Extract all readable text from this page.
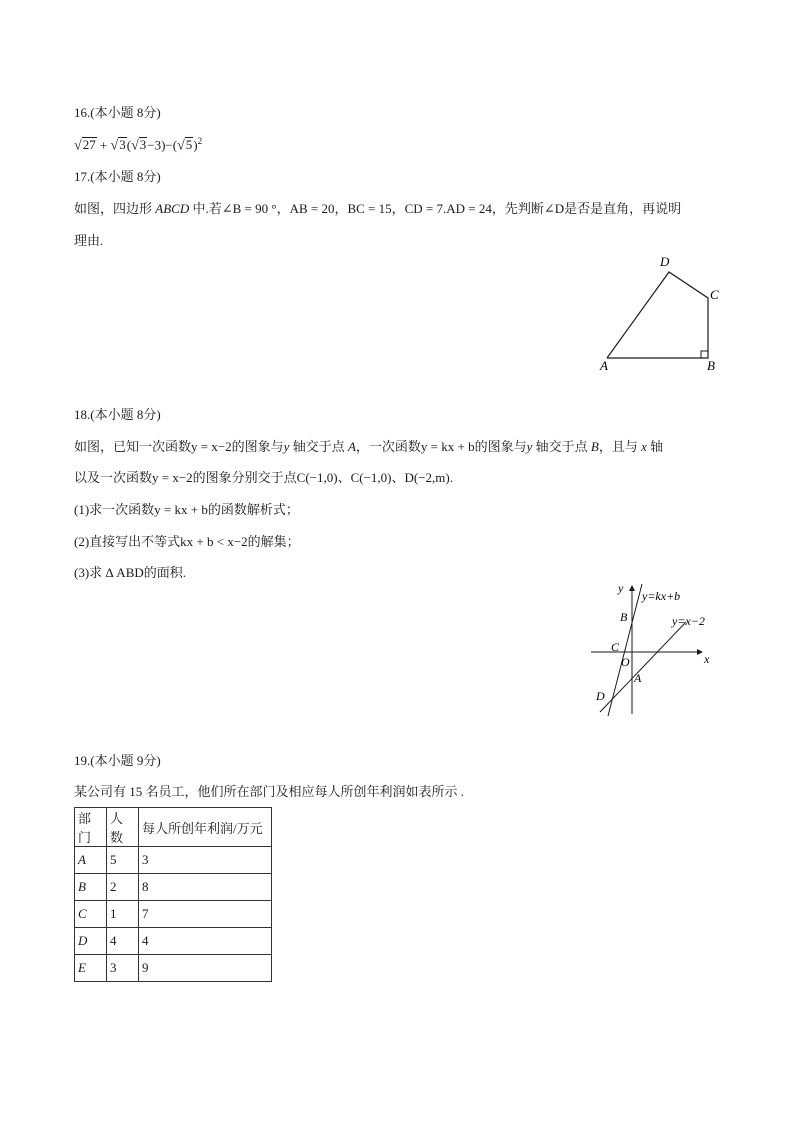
16.(本小题 8分)
$√27 + √3(√3-3)-(√5)^2$
17.(本小题 8分)
如图，四边形 ABCD 中.若∠B = 90 °，AB = 20，BC = 15，CD = 7.AD = 24，先判断∠D是否是直角，再说明
理由.
D
C
A	B
18.(本小题 8分)
如图，已知一次函数y = x−2的图象与y 轴交于点 A，一次函数y = kx + b的图象与y 轴交于点 B，且与 x 轴
以及一次函数y = x−2的图象分别交于点C(−1,0)、C(−1,0)、D(−2,m).
(1)求一次函数y = kx + b的函数解析式；
(2)直接写出不等式kx + b < x−2的解集；
(3)求 Δ ABD的面积.
y
x
y=kx+b
y=x−2
B
C
O
A
D
19.(本小题 9分)
某公司有 15 名员工，他们所在部门及相应每人所创年利润如表所示 .
部门	人数	每人所创年利润/万元
A	5	3
B	2	8
C	1	7
D	4	4
E	3	9
